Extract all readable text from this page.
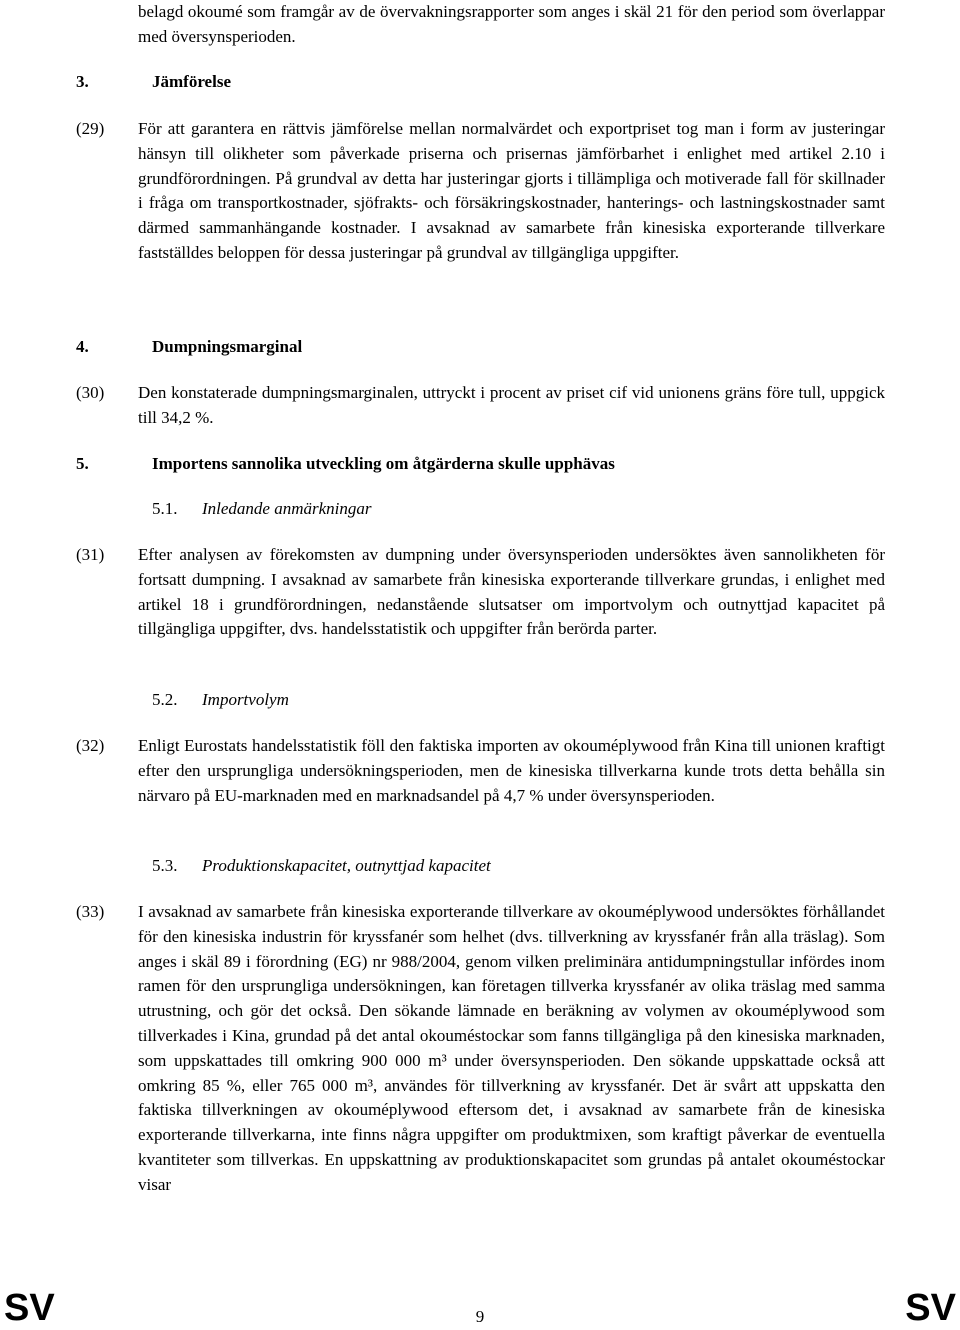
belagd okoumé som framgår av de övervakningsrapporter som anges i skäl 21 för den period som överlappar med översynsperioden.

3.	Jämförelse
(29) För att garantera en rättvis jämförelse mellan normalvärdet och exportpriset tog man i form av justeringar hänsyn till olikheter som påverkade priserna och prisernas jämförbarhet i enlighet med artikel 2.10 i grundförordningen. På grundval av detta har justeringar gjorts i tillämpliga och motiverade fall för skillnader i fråga om transportkostnader, sjöfrakts- och försäkringskostnader, hanterings- och lastningskostnader samt därmed sammanhängande kostnader. I avsaknad av samarbete från kinesiska exporterande tillverkare fastställdes beloppen för dessa justeringar på grundval av tillgängliga uppgifter.

4.	Dumpningsmarginal
(30) Den konstaterade dumpningsmarginalen, uttryckt i procent av priset cif vid unionens gräns före tull, uppgick till 34,2 %.

5.	Importens sannolika utveckling om åtgärderna skulle upphävas
5.1. Inledande anmärkningar
(31) Efter analysen av förekomsten av dumpning under översynsperioden undersöktes även sannolikheten för fortsatt dumpning. I avsaknad av samarbete från kinesiska exporterande tillverkare grundas, i enlighet med artikel 18 i grundförordningen, nedanstående slutsatser om importvolym och outnyttjad kapacitet på tillgängliga uppgifter, dvs. handelsstatistik och uppgifter från berörda parter.

5.2. Importvolym
(32) Enligt Eurostats handelsstatistik föll den faktiska importen av okouméplywood från Kina till unionen kraftigt efter den ursprungliga undersökningsperioden, men de kinesiska tillverkarna kunde trots detta behålla sin närvaro på EU-marknaden med en marknadsandel på 4,7 % under översynsperioden.

5.3. Produktionskapacitet, outnyttjad kapacitet
(33) I avsaknad av samarbete från kinesiska exporterande tillverkare av okouméplywood undersöktes förhållandet för den kinesiska industrin för kryssfanér som helhet (dvs. tillverkning av kryssfanér från alla träslag). Som anges i skäl 89 i förordning (EG) nr 988/2004, genom vilken preliminära antidumpningstullar infördes inom ramen för den ursprungliga undersökningen, kan företagen tillverka kryssfanér av olika träslag med samma utrustning, och gör det också. Den sökande lämnade en beräkning av volymen av okouméplywood som tillverkades i Kina, grundad på det antal okouméstockar som fanns tillgängliga på den kinesiska marknaden, som uppskattades till omkring 900 000 m³ under översynsperioden. Den sökande uppskattade också att omkring 85 %, eller 765 000 m³, användes för tillverkning av kryssfanér. Det är svårt att uppskatta den faktiska tillverkningen av okouméplywood eftersom det, i avsaknad av samarbete från de kinesiska exporterande tillverkarna, inte finns några uppgifter om produktmixen, som kraftigt påverkar de eventuella kvantiteter som tillverkas. En uppskattning av produktionskapacitet som grundas på antalet okouméstockar visar

9
SV	SV
